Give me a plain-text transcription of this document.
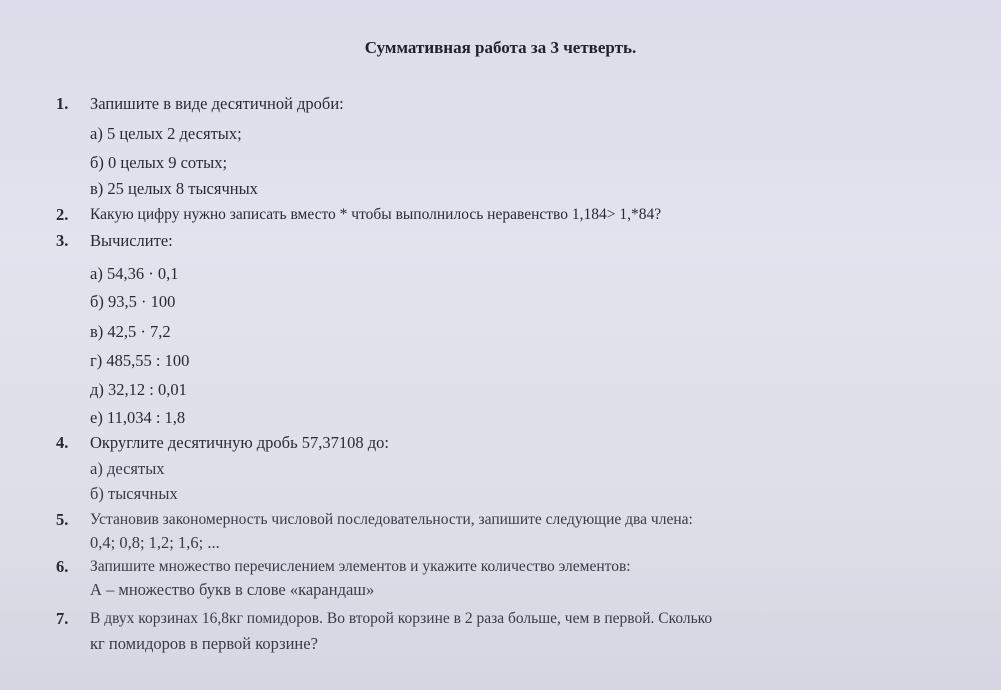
Суммативная работа за 3 четверть.
1. Запишите в виде десятичной дроби:
а) 5 целых 2 десятых;
б) 0 целых 9 сотых;
в) 25 целых 8 тысячных
2. Какую цифру нужно записать вместо * чтобы выполнилось неравенство 1,184> 1,*84?
3. Вычислите:
а) 54,36 · 0,1
б) 93,5 · 100
в) 42,5 · 7,2
г) 485,55 : 100
д) 32,12 : 0,01
е) 11,034 : 1,8
4. Округлите десятичную дробь 57,37108 до:
а) десятых
б) тысячных
5. Установив закономерность числовой последовательности, запишите следующие два члена:
0,4; 0,8; 1,2; 1,6; ...
6. Запишите множество перечислением элементов и укажите количество элементов:
А – множество букв в слове «карандаш»
7. В двух корзинах 16,8кг помидоров. Во второй корзине в 2 раза больше, чем в первой. Сколько
кг помидоров в первой корзине?
